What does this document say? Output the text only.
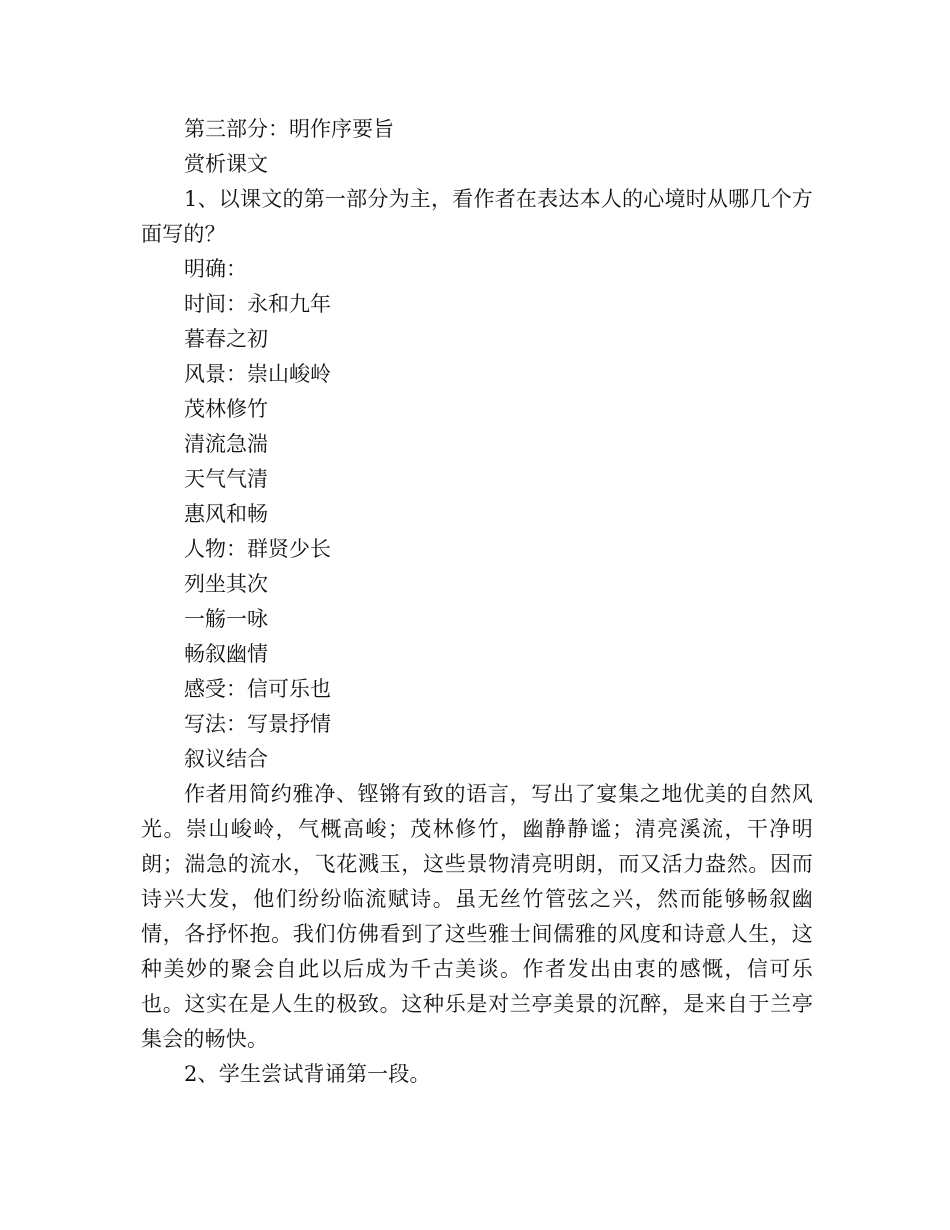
第三部分：明作序要旨

赏析课文

1、以课文的第一部分为主，看作者在表达本人的心境时从哪几个方面写的？

明确：

时间：永和九年

暮春之初

风景：崇山峻岭

茂林修竹

清流急湍

天气气清

惠风和畅

人物：群贤少长

列坐其次

一觞一咏

畅叙幽情

感受：信可乐也

写法：写景抒情

叙议结合

作者用简约雅净、铿锵有致的语言，写出了宴集之地优美的自然风光。崇山峻岭，气概高峻；茂林修竹，幽静静谧；清亮溪流，干净明朗；湍急的流水，飞花溅玉，这些景物清亮明朗，而又活力盎然。因而诗兴大发，他们纷纷临流赋诗。虽无丝竹管弦之兴，然而能够畅叙幽情，各抒怀抱。我们仿佛看到了这些雅士间儒雅的风度和诗意人生，这种美妙的聚会自此以后成为千古美谈。作者发出由衷的感慨，信可乐也。这实在是人生的极致。这种乐是对兰亭美景的沉醉，是来自于兰亭集会的畅快。

2、学生尝试背诵第一段。
